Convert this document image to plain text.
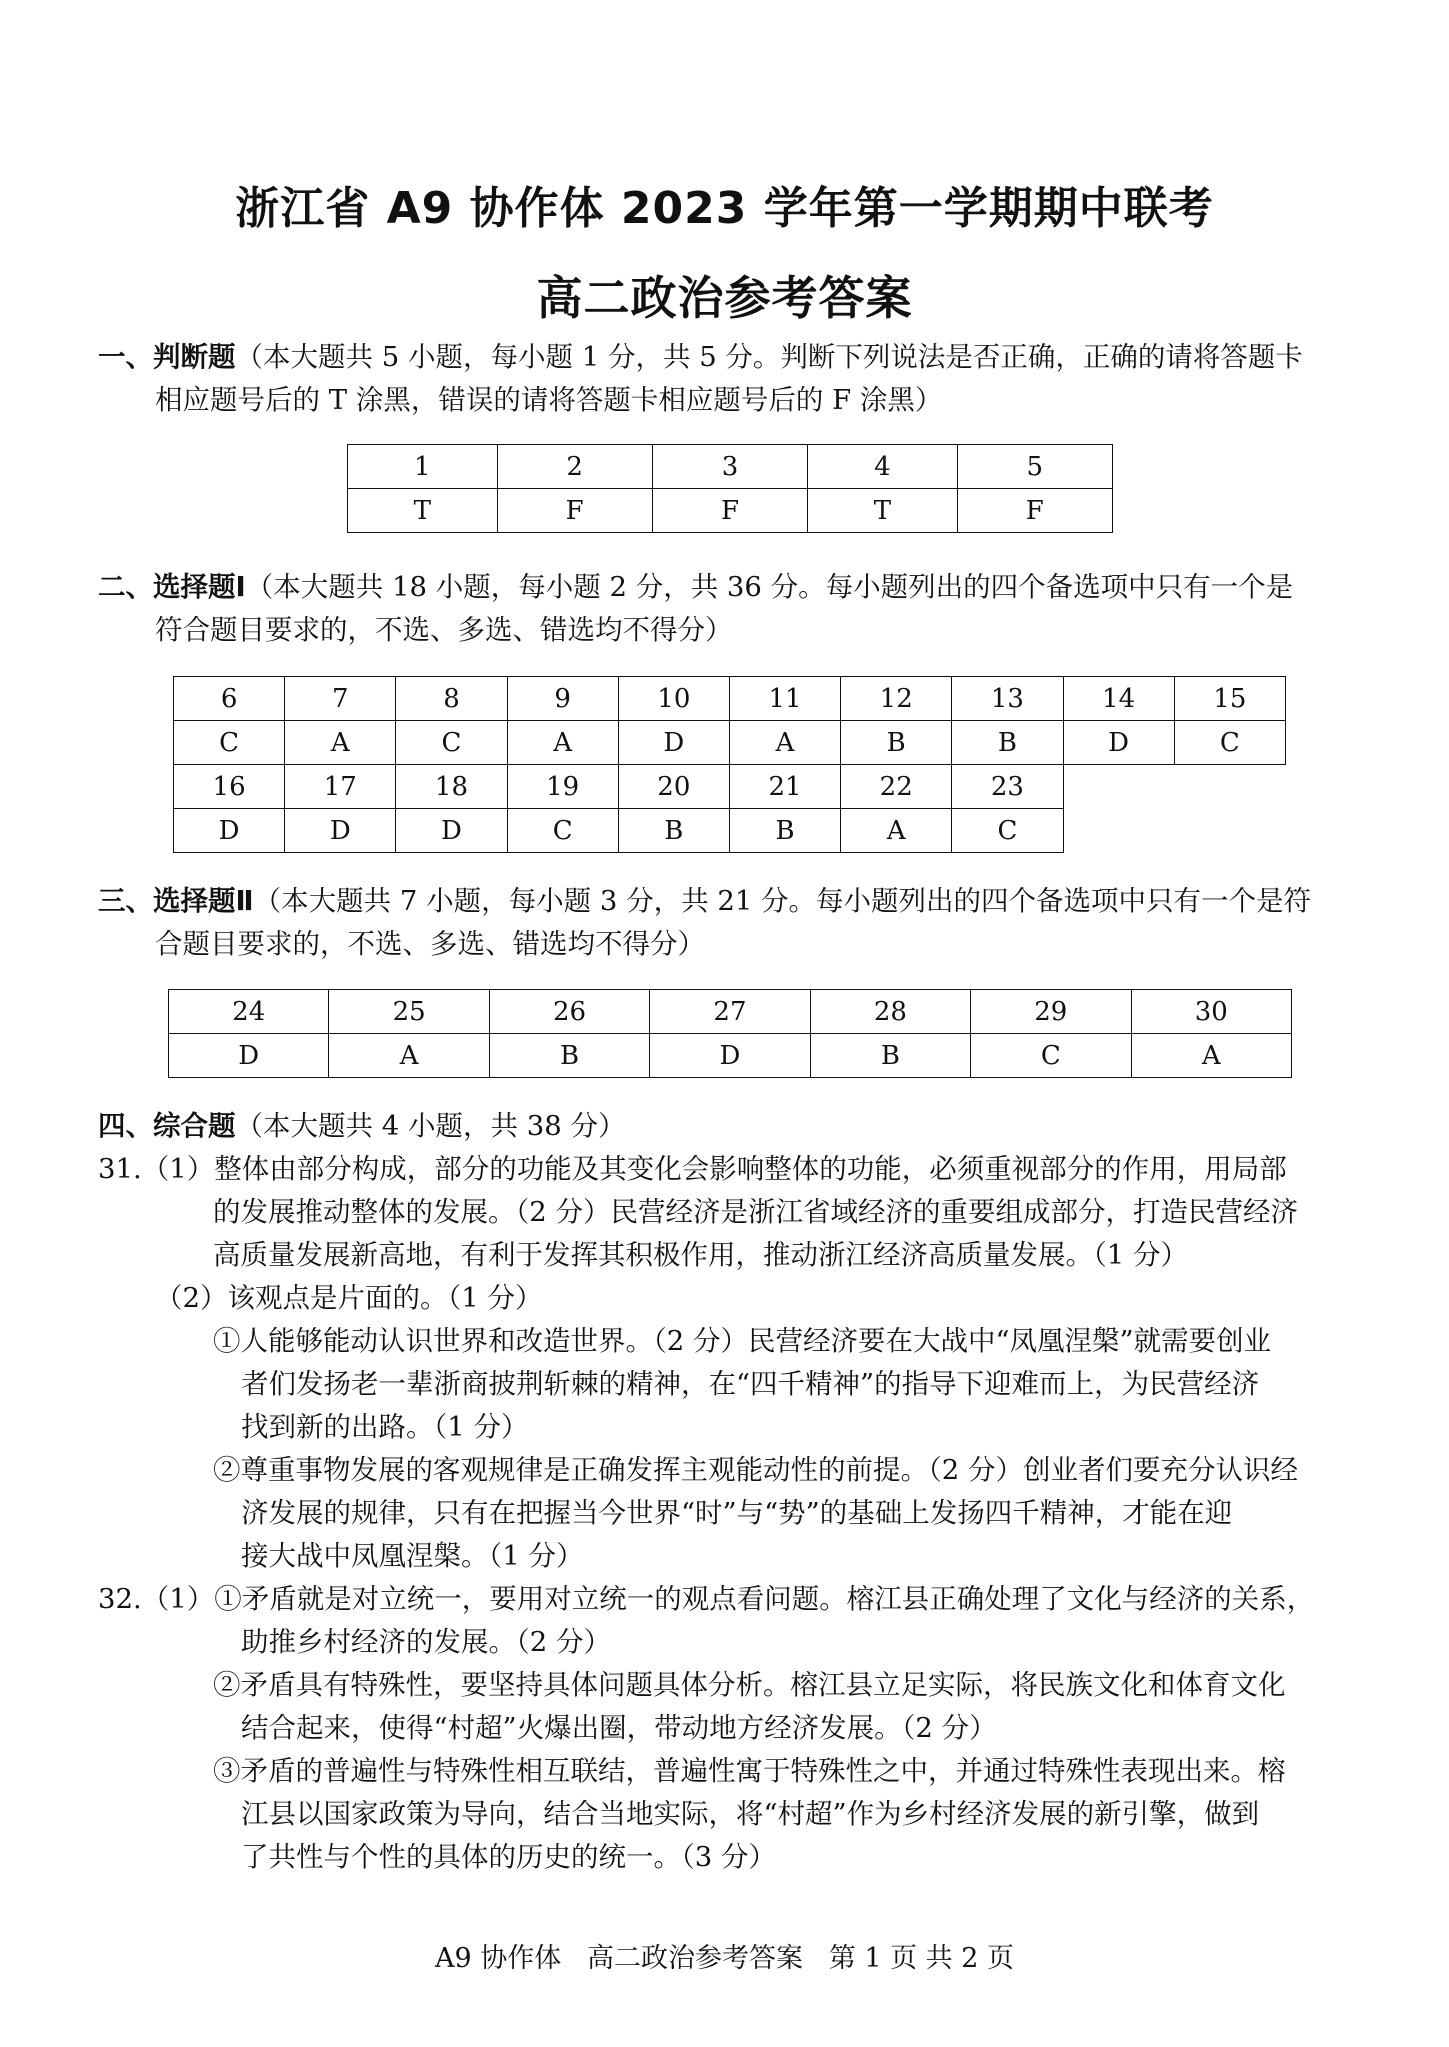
浙江省 A9 协作体 2023 学年第一学期期中联考
高二政治参考答案
一、判断题（本大题共 5 小题，每小题 1 分，共 5 分。判断下列说法是否正确，正确的请将答题卡
相应题号后的 T 涂黑，错误的请将答题卡相应题号后的 F 涂黑）
1	2	3	4	5
T	F	F	T	F
二、选择题Ⅰ（本大题共 18 小题，每小题 2 分，共 36 分。每小题列出的四个备选项中只有一个是
符合题目要求的，不选、多选、错选均不得分）
6	7	8	9	10	11	12	13	14	15
C	A	C	A	D	A	B	B	D	C
16	17	18	19	20	21	22	23		
D	D	D	C	B	B	A	C		
三、选择题Ⅱ（本大题共 7 小题，每小题 3 分，共 21 分。每小题列出的四个备选项中只有一个是符
合题目要求的，不选、多选、错选均不得分）
24	25	26	27	28	29	30
D	A	B	D	B	C	A
四、综合题（本大题共 4 小题，共 38 分）
31.（1）整体由部分构成，部分的功能及其变化会影响整体的功能，必须重视部分的作用，用局部
的发展推动整体的发展。（2 分）民营经济是浙江省域经济的重要组成部分，打造民营经济
高质量发展新高地，有利于发挥其积极作用，推动浙江经济高质量发展。（1 分）
（2）该观点是片面的。（1 分）
①人能够能动认识世界和改造世界。（2 分）民营经济要在大战中“凤凰涅槃”就需要创业
者们发扬老一辈浙商披荆斩棘的精神，在“四千精神”的指导下迎难而上，为民营经济
找到新的出路。（1 分）
②尊重事物发展的客观规律是正确发挥主观能动性的前提。（2 分）创业者们要充分认识经
济发展的规律，只有在把握当今世界“时”与“势”的基础上发扬四千精神，才能在迎
接大战中凤凰涅槃。（1 分）
32.（1）①矛盾就是对立统一，要用对立统一的观点看问题。榕江县正确处理了文化与经济的关系，
助推乡村经济的发展。（2 分）
②矛盾具有特殊性，要坚持具体问题具体分析。榕江县立足实际，将民族文化和体育文化
结合起来，使得“村超”火爆出圈，带动地方经济发展。（2 分）
③矛盾的普遍性与特殊性相互联结，普遍性寓于特殊性之中，并通过特殊性表现出来。榕
江县以国家政策为导向，结合当地实际，将“村超”作为乡村经济发展的新引擎，做到
了共性与个性的具体的历史的统一。（3 分）
A9 协作体   高二政治参考答案   第 1 页 共 2 页
